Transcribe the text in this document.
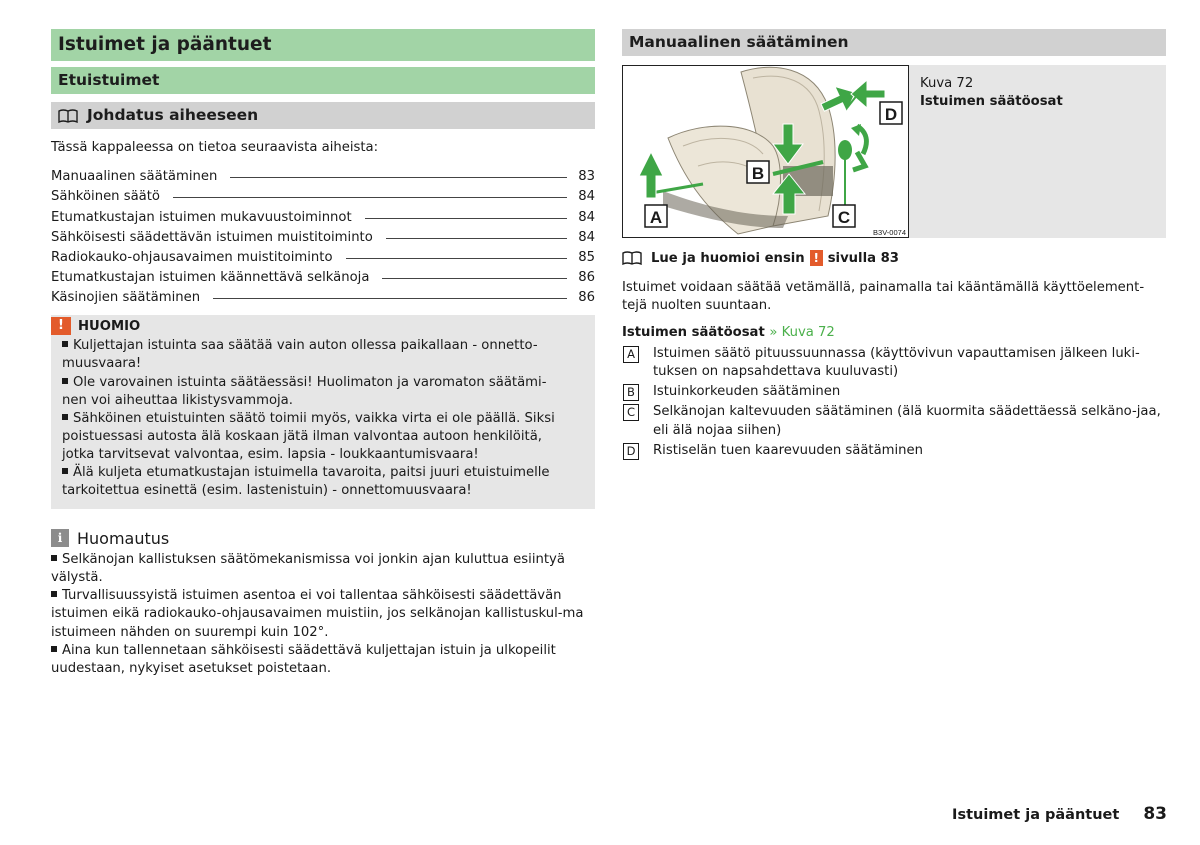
Istuimet ja pääntuet
Etuistuimet
Johdatus aiheeseen
Tässä kappaleessa on tietoa seuraavista aiheista:
Manuaalinen säätäminen	83
Sähköinen säätö	84
Etumatkustajan istuimen mukavuustoiminnot	84
Sähköisesti säädettävän istuimen muistitoiminto	84
Radiokauko-ohjausavaimen muistitoiminto	85
Etumatkustajan istuimen käännettävä selkänoja	86
Käsinojien säätäminen	86
!	HUOMIO
Kuljettajan istuinta saa säätää vain auton ollessa paikallaan - onnetto-muusvaara!
Ole varovainen istuinta säätäessäsi! Huolimaton ja varomaton säätämi-nen voi aiheuttaa likistysvammoja.
Sähköinen etuistuinten säätö toimii myös, vaikka virta ei ole päällä. Siksi poistuessasi autosta älä koskaan jätä ilman valvontaa autoon henkilöitä, jotka tarvitsevat valvontaa, esim. lapsia - loukkaantumisvaara!
Älä kuljeta etumatkustajan istuimella tavaroita, paitsi juuri etuistuimelle tarkoitettua esinettä (esim. lastenistuin) - onnettomuusvaara!
i Huomautus
Selkänojan kallistuksen säätömekanismissa voi jonkin ajan kuluttua esiintyä välystä.
Turvallisuussyistä istuimen asentoa ei voi tallentaa sähköisesti säädettävän istuimen eikä radiokauko-ohjausavaimen muistiin, jos selkänojan kallistuskul-ma istuimeen nähden on suurempi kuin 102°.
Aina kun tallennetaan sähköisesti säädettävä kuljettajan istuin ja ulkopeilit uudestaan, nykyiset asetukset poistetaan.
Manuaalinen säätäminen
A
B
C
D
B3V-0074
Kuva 72
Istuimen säätöosat
Lue ja huomioi ensin ! sivulla 83
Istuimet voidaan säätää vetämällä, painamalla tai kääntämällä käyttöelement-tejä nuolten suuntaan.
Istuimen säätöosat » Kuva 72
A	Istuimen säätö pituussuunnassa (käyttövivun vapauttamisen jälkeen luki-tuksen on napsahdettava kuuluvasti)
B	Istuinkorkeuden säätäminen
C	Selkänojan kaltevuuden säätäminen (älä kuormita säädettäessä selkäno-jaa, eli älä nojaa siihen)
D Ristiselän tuen kaarevuuden säätäminen
Istuimet ja pääntuet 83
